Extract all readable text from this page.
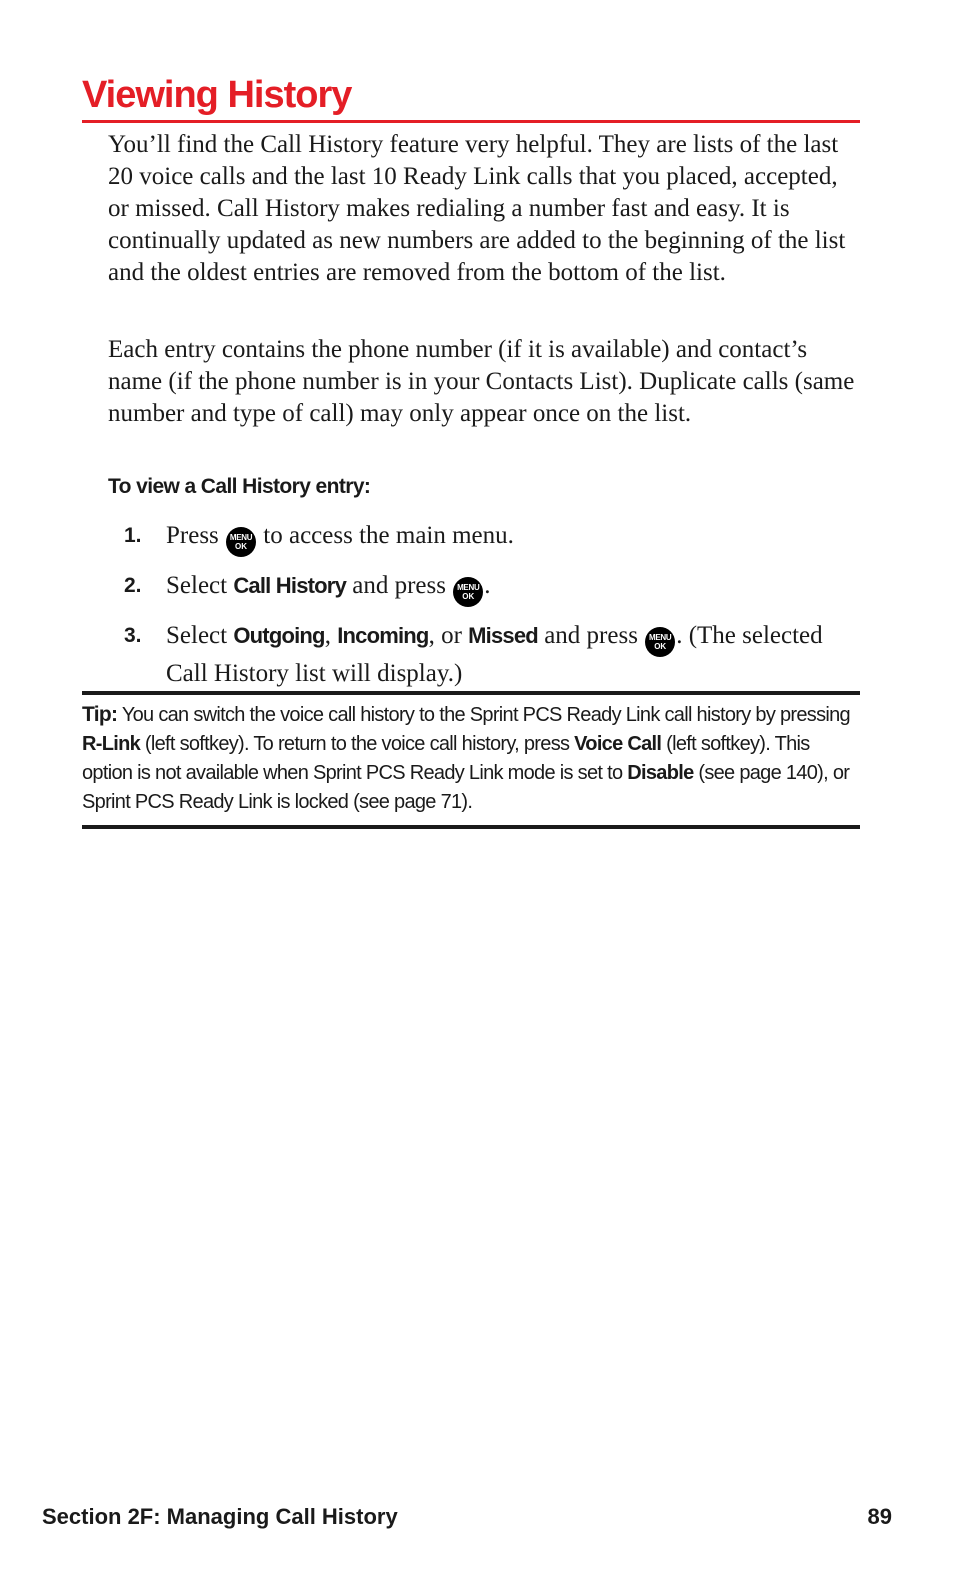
Viewing History

You’ll find the Call History feature very helpful. They are lists of the last 20 voice calls and the last 10 Ready Link calls that you placed, accepted, or missed. Call History makes redialing a number fast and easy. It is continually updated as new numbers are added to the beginning of the list and the oldest entries are removed from the bottom of the list.

Each entry contains the phone number (if it is available) and contact’s name (if the phone number is in your Contacts List). Duplicate calls (same number and type of call) may only appear once on the list.

To view a Call History entry:

1. Press	MENU
OK to access the main menu.
2. Select Call History and press	MENU
OK .
3. Select Outgoing, Incoming, or Missed and press	MENU
OK . (The selected Call History list will display.)
Tip: You can switch the voice call history to the Sprint PCS Ready Link call history by pressing R-Link (left softkey). To return to the voice call history, press Voice Call (left softkey). This option is not available when Sprint PCS Ready Link mode is set to Disable (see page 140), or Sprint PCS Ready Link is locked (see page 71).
Section 2F: Managing Call History	89
